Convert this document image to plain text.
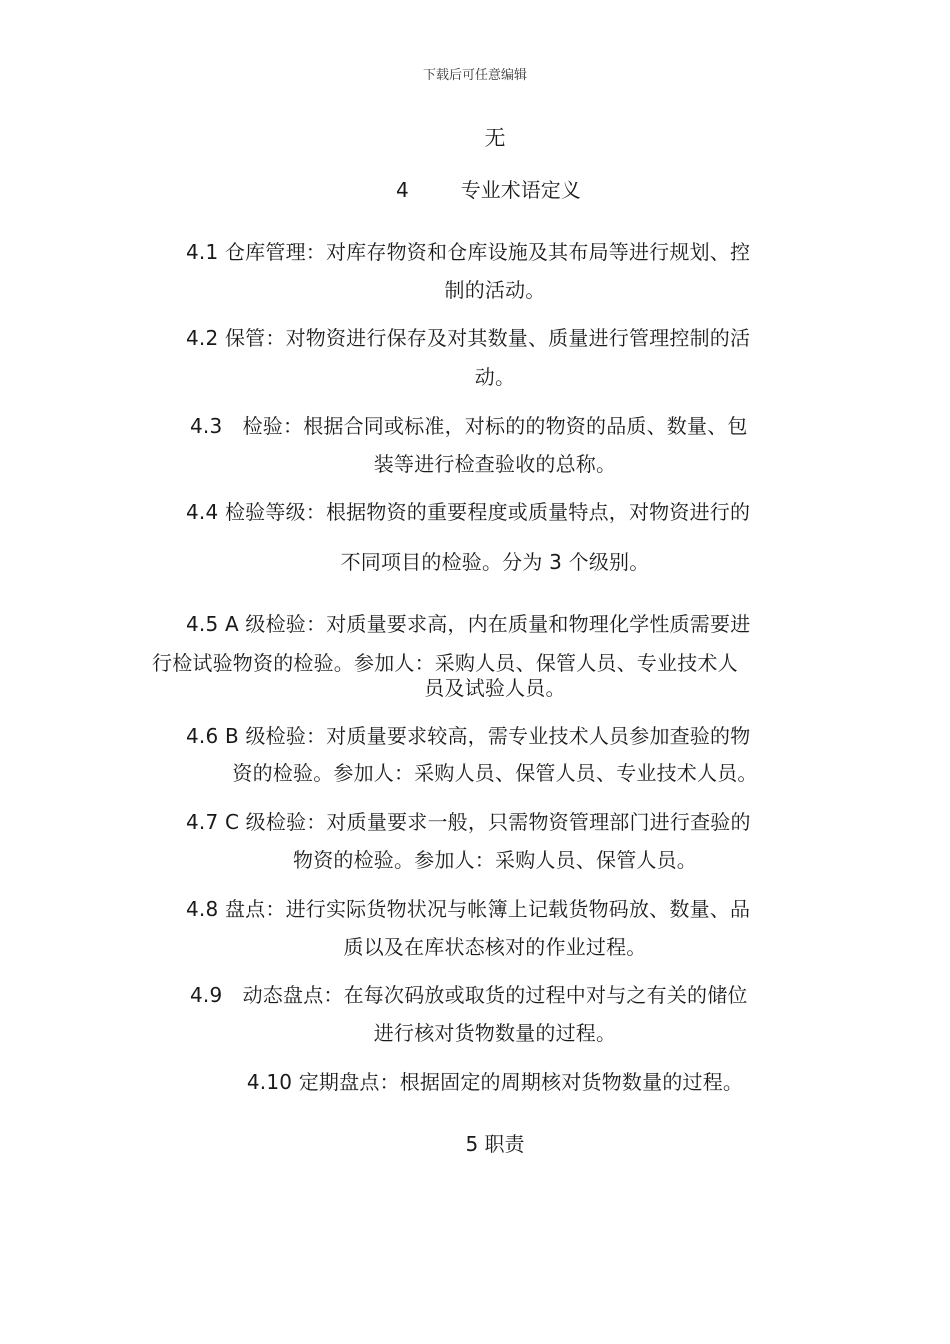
下载后可任意编辑
无
4	专业术语定义
4.1 仓库管理：对库存物资和仓库设施及其布局等进行规划、控
制的活动。
4.2 保管：对物资进行保存及对其数量、质量进行管理控制的活
动。
4.3　检验：根据合同或标准，对标的的物资的品质、数量、包
装等进行检查验收的总称。
4.4 检验等级：根据物资的重要程度或质量特点，对物资进行的
不同项目的检验。分为 3 个级别。
4.5 A 级检验：对质量要求高，内在质量和物理化学性质需要进
行检试验物资的检验。参加人：采购人员、保管人员、专业技术人
员及试验人员。
4.6 B 级检验：对质量要求较高，需专业技术人员参加查验的物
资的检验。参加人：采购人员、保管人员、专业技术人员。
4.7 C 级检验：对质量要求一般，只需物资管理部门进行查验的
物资的检验。参加人：采购人员、保管人员。
4.8 盘点：进行实际货物状况与帐簿上记载货物码放、数量、品
质以及在库状态核对的作业过程。
4.9　动态盘点：在每次码放或取货的过程中对与之有关的储位
进行核对货物数量的过程。
4.10 定期盘点：根据固定的周期核对货物数量的过程。
5 职责
